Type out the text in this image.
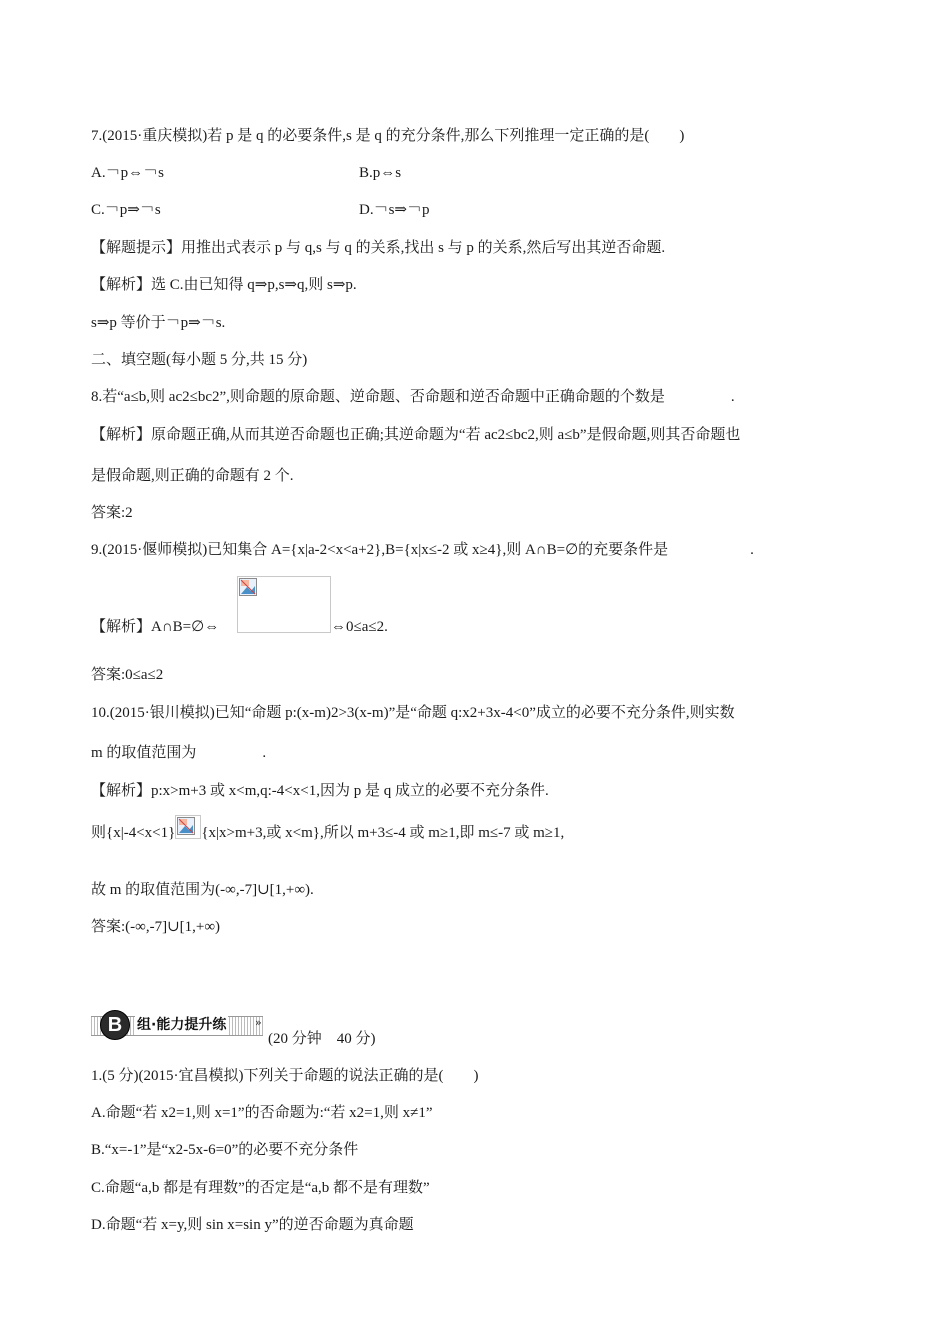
7.(2015·重庆模拟)若 p 是 q 的必要条件,s 是 q 的充分条件,那么下列推理一定正确的是(　　)
A.￢p⇔￢s	B.p⇔s
C.￢p⇒￢s	D.￢s⇒￢p
【解题提示】用推出式表示 p 与 q,s 与 q 的关系,找出 s 与 p 的关系,然后写出其逆否命题.
【解析】选 C.由已知得 q⇒p,s⇒q,则 s⇒p.
s⇒p 等价于￢p⇒￢s.
二、填空题(每小题 5 分,共 15 分)
8.若“a≤b,则 ac2≤bc2”,则命题的原命题、逆命题、否命题和逆否命题中正确命题的个数是	.
【解析】原命题正确,从而其逆否命题也正确;其逆命题为“若 ac2≤bc2,则 a≤b”是假命题,则其否命题也
是假命题,则正确的命题有 2 个.
答案:2
9.(2015·偃师模拟)已知集合 A={x|a-2<x<a+2},B={x|x≤-2 或 x≥4},则 A∩B=∅的充要条件是	.
【解析】A∩B=∅⇔	⇔0≤a≤2.
答案:0≤a≤2
10.(2015·银川模拟)已知“命题 p:(x-m)2>3(x-m)”是“命题 q:x2+3x-4<0”成立的必要不充分条件,则实数
m 的取值范围为	.
【解析】p:x>m+3 或 x<m,q:-4<x<1,因为 p 是 q 成立的必要不充分条件.
则{x|-4<x<1} {x|x>m+3,或 x<m},所以 m+3≤-4 或 m≥1,即 m≤-7 或 m≥1,
故 m 的取值范围为(-∞,-7]∪[1,+∞).
答案:(-∞,-7]∪[1,+∞)
B	组·能力提升练	»
(20 分钟　40 分)
1.(5 分)(2015·宜昌模拟)下列关于命题的说法正确的是(　　)
A.命题“若 x2=1,则 x=1”的否命题为:“若 x2=1,则 x≠1”
B.“x=-1”是“x2-5x-6=0”的必要不充分条件
C.命题“a,b 都是有理数”的否定是“a,b 都不是有理数”
D.命题“若 x=y,则 sin x=sin y”的逆否命题为真命题
